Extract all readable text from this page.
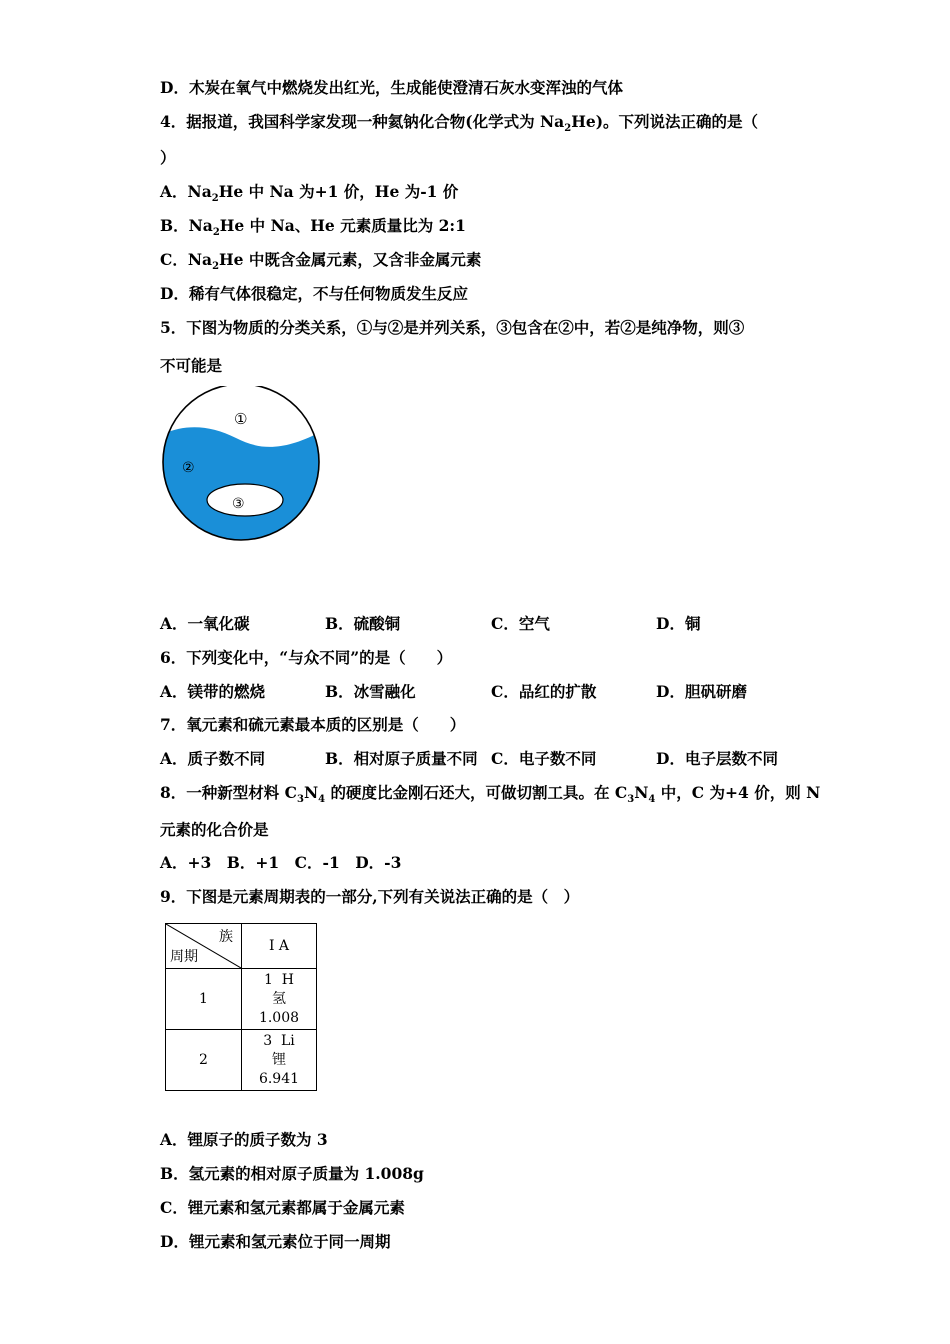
D．木炭在氧气中燃烧发出红光，生成能使澄清石灰水变浑浊的气体
4．据报道，我国科学家发现一种氦钠化合物(化学式为 $Na_2He$)。下列说法正确的是（
）
A．$Na_2He$ 中 Na 为+1 价，He 为-1 价
B．$Na_2He$ 中 Na、He 元素质量比为 2:1
C．$Na_2He$ 中既含金属元素，又含非金属元素
D．稀有气体很稳定，不与任何物质发生反应
5．下图为物质的分类关系，①与②是并列关系，③包含在②中，若②是纯净物，则③
不可能是
①
②
③
A．一氧化碳	B．硫酸铜	C．空气	D．铜
6．下列变化中，“与众不同”的是（　　）
A．镁带的燃烧	B．冰雪融化	C．品红的扩散	D．胆矾研磨
7．氧元素和硫元素最本质的区别是（　　）
A．质子数不同	B．相对原子质量不同 C．电子数不同	D．电子层数不同
8．一种新型材料 $C_3N_4$ 的硬度比金刚石还大，可做切割工具。在 $C_3N_4$ 中，C 为+4 价，则 N
元素的化合价是
A．+3　B．+1　C．-1　D．-3
9．下图是元素周期表的一部分,下列有关说法正确的是（　）
族
周期	I A
1	1  H
氢
1.008

2	3  Li
锂
6.941
A．锂原子的质子数为 3
B．氢元素的相对原子质量为 1.008g
C．锂元素和氢元素都属于金属元素
D．锂元素和氢元素位于同一周期
